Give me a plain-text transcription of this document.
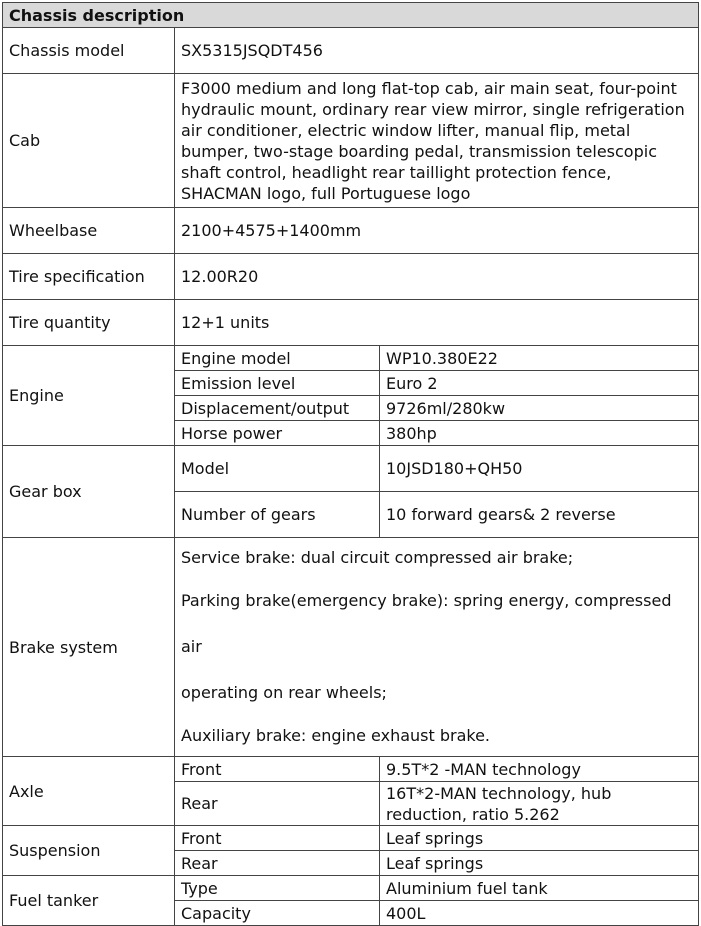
Chassis description		
Chassis model	SX5315JSQDT456	
Cab	F3000 medium and long flat-top cab, air main seat, four-point hydraulic mount, ordinary rear view mirror, single refrigeration air conditioner, electric window lifter, manual flip, metal bumper, two-stage boarding pedal, transmission telescopic shaft control, headlight rear taillight protection fence, SHACMAN logo, full Portuguese logo	
Wheelbase	2100+4575+1400mm	
Tire specification	12.00R20	
Tire quantity	12+1 units	
Engine	Engine model	WP10.380E22
	Emission level	Euro 2
	Displacement/output	9726ml/280kw
	Horse power	380hp
Gear box	Model	10JSD180+QH50
	Number of gears	10 forward gears& 2 reverse
Brake system	Service brake: dual circuit compressed air brake;

Parking brake(emergency brake): spring energy, compressed air

operating on rear wheels;

Auxiliary brake: engine exhaust brake.	

Axle	Front	9.5T*2 -MAN technology
	Rear	16T*2-MAN technology, hub reduction, ratio 5.262
Suspension	Front	Leaf springs
	Rear	Leaf springs
Fuel tanker	Type	Aluminium fuel tank
	Capacity	400L
